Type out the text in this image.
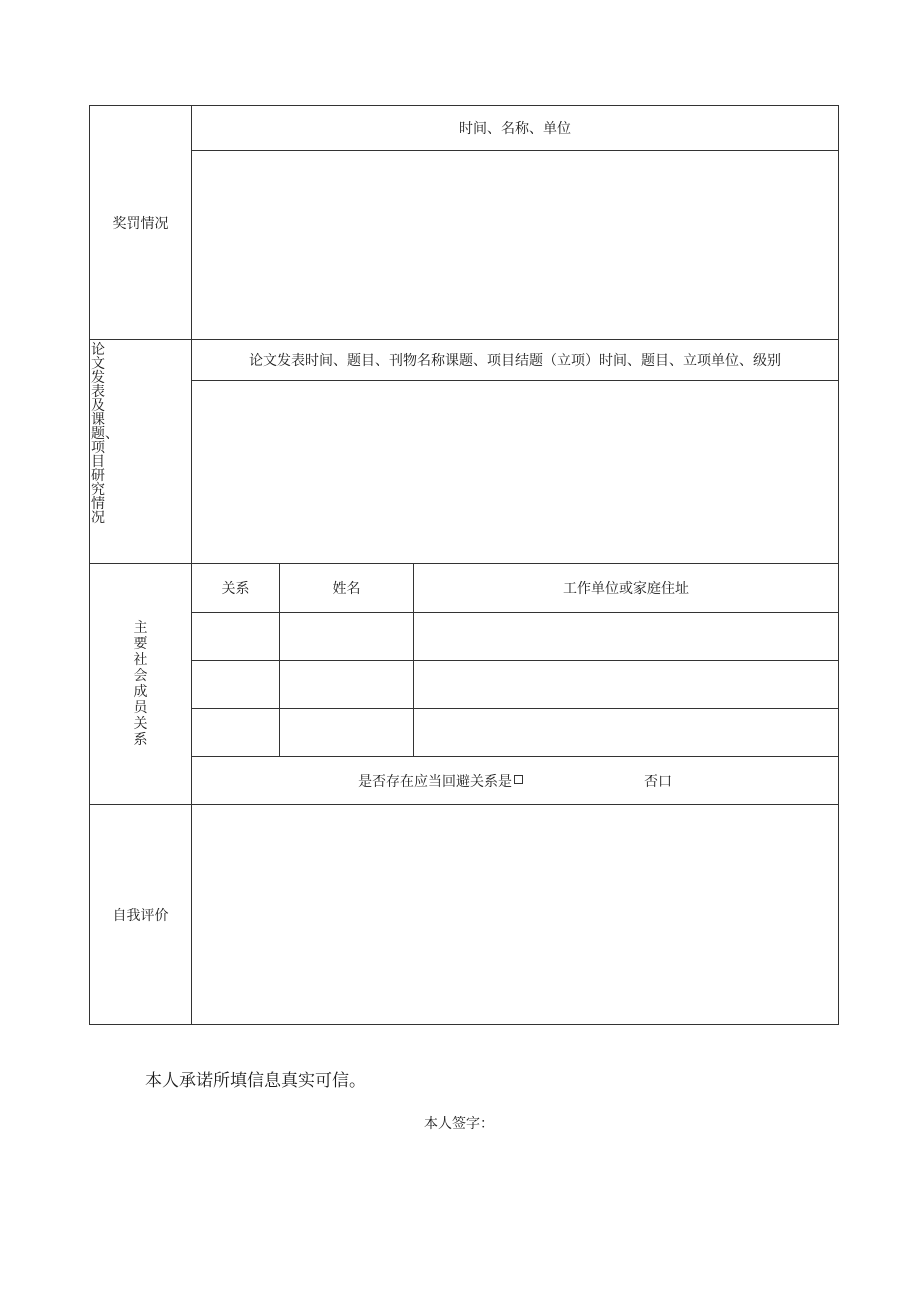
奖罚情况	时间、名称、单位		

论文发表及课题、项目研究情况	论文发表时间、题目、刊物名称课题、项目结题（立项）时间、题目、立项单位、级别		

主要社会成员关系	关系	姓名	工作单位或家庭住址

	是否存在应当回避关系是 否口		
自我评价			
本人承诺所填信息真实可信。
本人签字：
